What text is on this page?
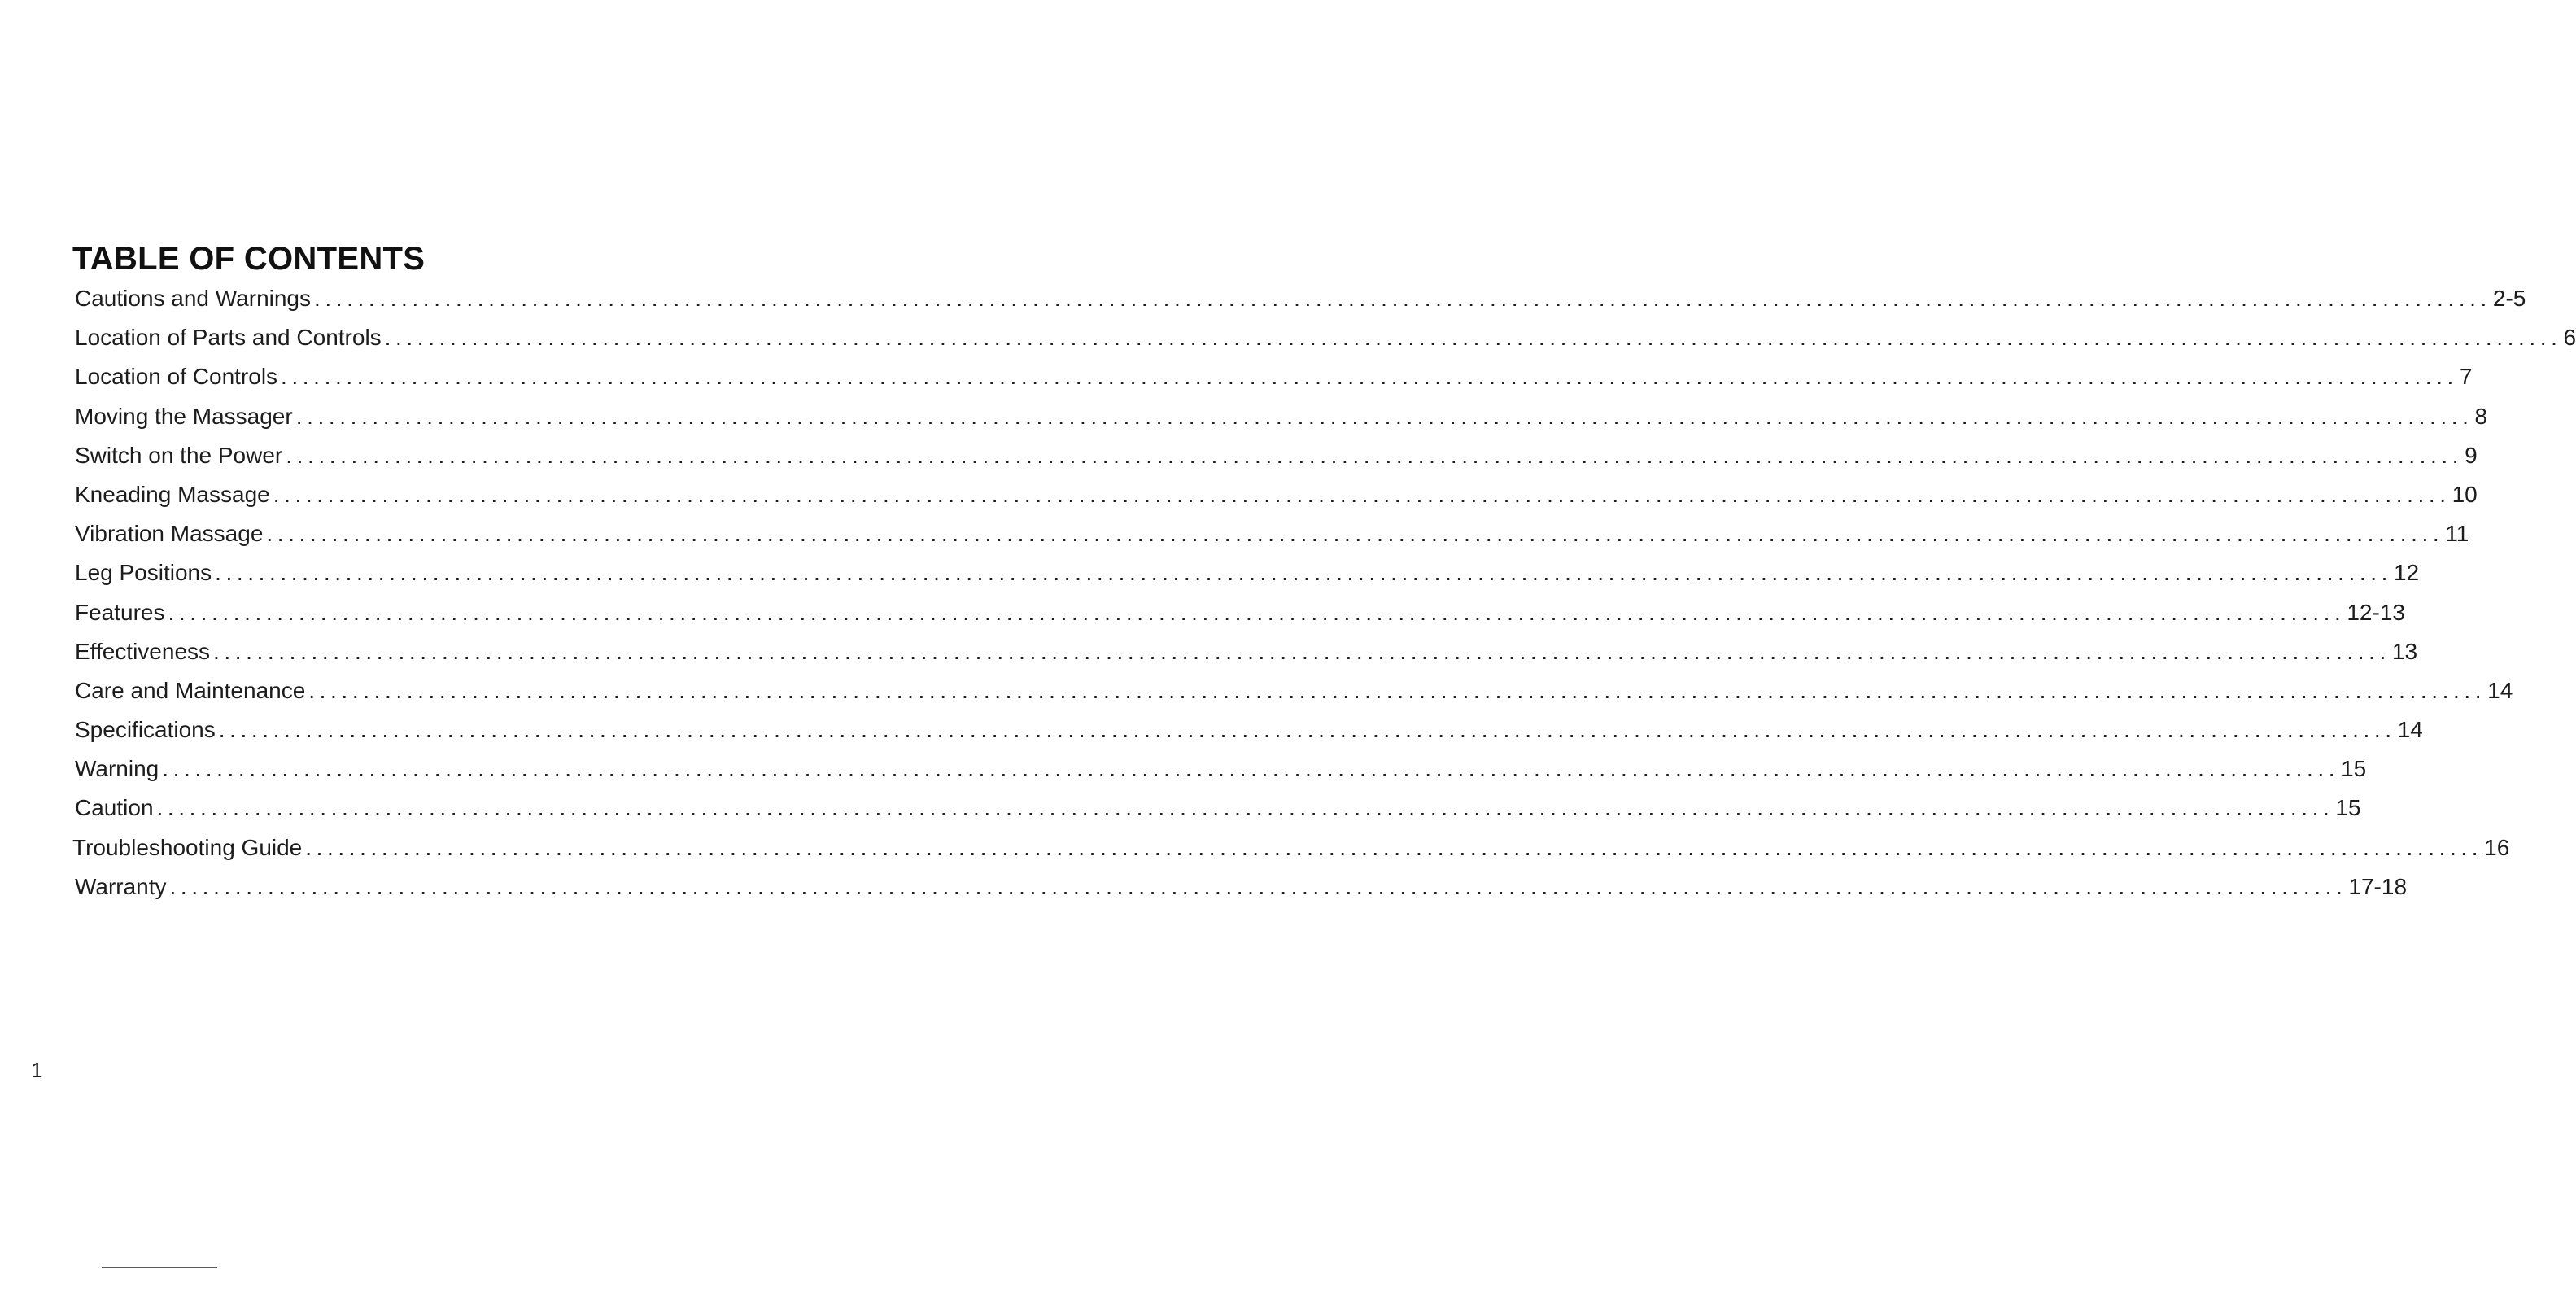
TABLE OF CONTENTS
Cautions and Warnings ........................................................................................................................................................................................................ 2-5
Location of Parts and Controls ........................................................................................................................................................................................................ 6
Location of Controls ........................................................................................................................................................................................................ 7
Moving the Massager ........................................................................................................................................................................................................ 8
Switch on the Power ........................................................................................................................................................................................................ 9
Kneading Massage ........................................................................................................................................................................................................ 10
Vibration Massage ........................................................................................................................................................................................................ 11
Leg Positions ........................................................................................................................................................................................................ 12
Features ........................................................................................................................................................................................................ 12-13
Effectiveness ........................................................................................................................................................................................................ 13
Care and Maintenance ........................................................................................................................................................................................................ 14
Specifications ........................................................................................................................................................................................................ 14
Warning ........................................................................................................................................................................................................ 15
Caution ........................................................................................................................................................................................................ 15
Troubleshooting Guide ........................................................................................................................................................................................................ 16
Warranty ........................................................................................................................................................................................................ 17-18
1
